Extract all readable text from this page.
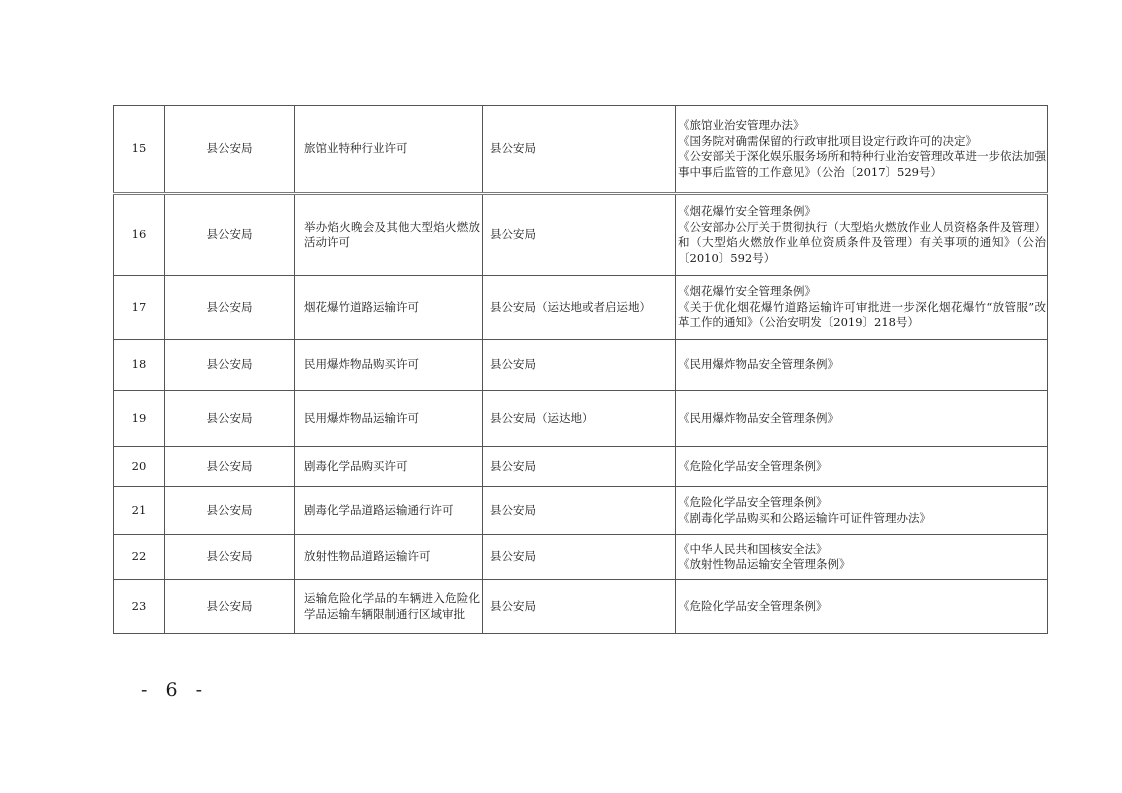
15	县公安局	旅馆业特种行业许可	县公安局	《旅馆业治安管理办法》
《国务院对确需保留的行政审批项目设定行政许可的决定》
《公安部关于深化娱乐服务场所和特种行业治安管理改革进一步依法加强事中事后监管的工作意见》（公治〔2017〕529号）

16	县公安局	举办焰火晚会及其他大型焰火燃放活动许可	县公安局	《烟花爆竹安全管理条例》
《公安部办公厅关于贯彻执行（大型焰火燃放作业人员资格条件及管理）和（大型焰火燃放作业单位资质条件及管理）有关事项的通知》（公治〔2010〕592号）

17	县公安局	烟花爆竹道路运输许可	县公安局（运达地或者启运地）	《烟花爆竹安全管理条例》
《关于优化烟花爆竹道路运输许可审批进一步深化烟花爆竹“放管服”改革工作的通知》（公治安明发〔2019〕218号）

18	县公安局	民用爆炸物品购买许可	县公安局	《民用爆炸物品安全管理条例》

19	县公安局	民用爆炸物品运输许可	县公安局（运达地）	《民用爆炸物品安全管理条例》

20	县公安局	剧毒化学品购买许可	县公安局	《危险化学品安全管理条例》

21	县公安局	剧毒化学品道路运输通行许可	县公安局	《危险化学品安全管理条例》
《剧毒化学品购买和公路运输许可证件管理办法》

22	县公安局	放射性物品道路运输许可	县公安局	《中华人民共和国核安全法》
《放射性物品运输安全管理条例》

23	县公安局	运输危险化学品的车辆进入危险化学品运输车辆限制通行区域审批	县公安局	《危险化学品安全管理条例》
- 6 -
